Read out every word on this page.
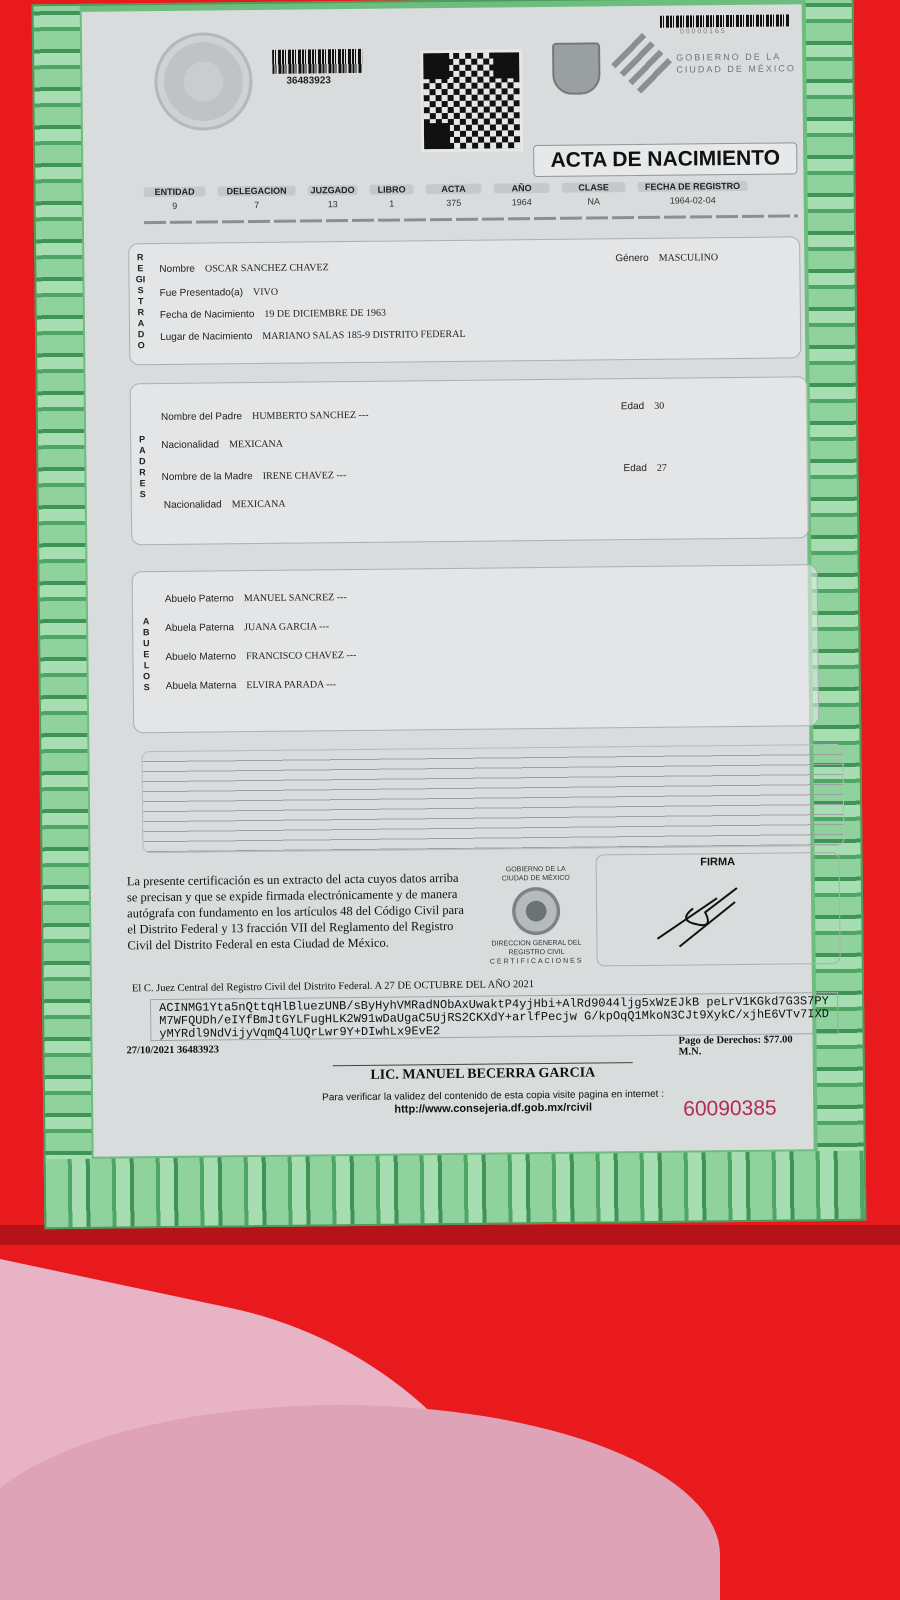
36483923
GOBIERNO DE LA
CIUDAD DE MÉXICO
0 0 0 0 0 1 6 5
ACTA DE NACIMIENTO
ENTIDAD
9
DELEGACION
7
JUZGADO
13
LIBRO
1
ACTA
375
AÑO
1964
CLASE
NA
FECHA DE REGISTRO
1964-02-04
REGISTRADO
Nombre OSCAR SANCHEZ CHAVEZ
Género MASCULINO
Fue Presentado(a) VIVO
Fecha de Nacimiento 19 DE DICIEMBRE DE 1963
Lugar de Nacimiento MARIANO SALAS 185-9 DISTRITO FEDERAL
PADRES
Nombre del Padre HUMBERTO SANCHEZ ---
Edad 30
Nacionalidad MEXICANA
Nombre de la Madre IRENE CHAVEZ ---
Edad 27
Nacionalidad MEXICANA
ABUELOS
Abuelo Paterno MANUEL SANCREZ ---
Abuela Paterna JUANA GARCIA ---
Abuelo Materno FRANCISCO CHAVEZ ---
Abuela Materna ELVIRA PARADA ---
La presente certificación es un extracto del acta cuyos datos arriba se precisan y que se expide firmada electrónicamente y de manera autógrafa con fundamento en los artículos 48 del Código Civil para el Distrito Federal y 13 fracción VII del Reglamento del Registro Civil del Distrito Federal en esta Ciudad de México.
GOBIERNO DE LA
CIUDAD DE MÉXICO
DIRECCION GENERAL DEL
REGISTRO CIVIL
CERTIFICACIONES
FIRMA
El C. Juez Central del Registro Civil del Distrito Federal. A 27 DE OCTUBRE DEL AÑO 2021
ACINMG1Yta5nQttqHlBluezUNB/sByHyhVMRadNObAxUwaktP4yjHbi+AlRd9044ljg5xWzEJkB peLrV1KGkd7G3S7PYM7WFQUDh/eIYfBmJtGYLFugHLK2W91wDaUgaC5UjRS2CKXdY+arlfPecjw G/kpOqQ1MkoN3CJt9XykC/xjhE6VTv7IXDyMYRdl9NdVijyVqmQ4lUQrLwr9Y+DIwhLx9EvE2
27/10/2021 36483923
Pago de Derechos: $77.00 M.N.
LIC. MANUEL BECERRA GARCIA
Para verificar la validez del contenido de esta copia visite pagina en internet :
http://www.consejeria.df.gob.mx/rcivil	60090385
